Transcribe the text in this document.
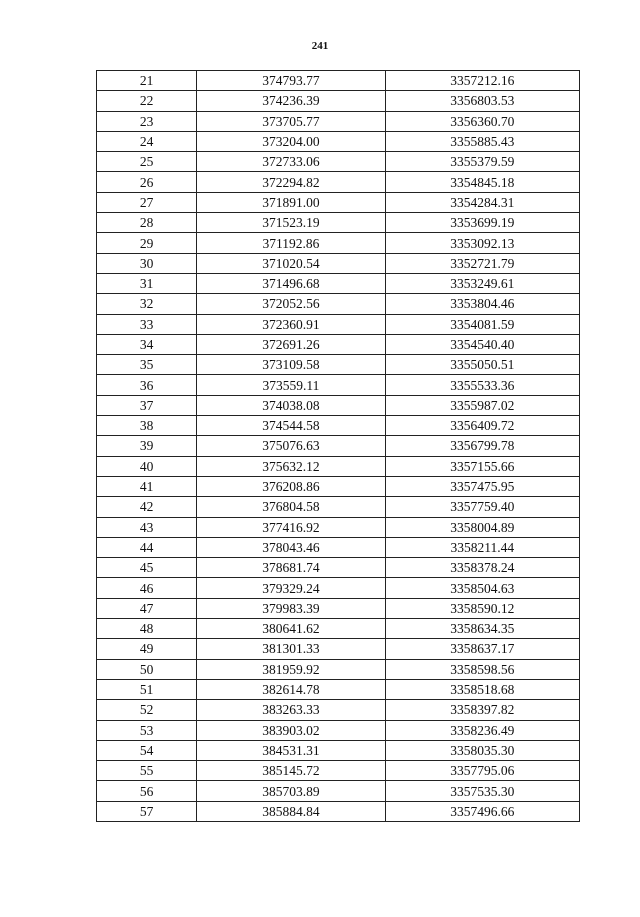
241
21	374793.77	3357212.16
22	374236.39	3356803.53
23	373705.77	3356360.70
24	373204.00	3355885.43
25	372733.06	3355379.59
26	372294.82	3354845.18
27	371891.00	3354284.31
28	371523.19	3353699.19
29	371192.86	3353092.13
30	371020.54	3352721.79
31	371496.68	3353249.61
32	372052.56	3353804.46
33	372360.91	3354081.59
34	372691.26	3354540.40
35	373109.58	3355050.51
36	373559.11	3355533.36
37	374038.08	3355987.02
38	374544.58	3356409.72
39	375076.63	3356799.78
40	375632.12	3357155.66
41	376208.86	3357475.95
42	376804.58	3357759.40
43	377416.92	3358004.89
44	378043.46	3358211.44
45	378681.74	3358378.24
46	379329.24	3358504.63
47	379983.39	3358590.12
48	380641.62	3358634.35
49	381301.33	3358637.17
50	381959.92	3358598.56
51	382614.78	3358518.68
52	383263.33	3358397.82
53	383903.02	3358236.49
54	384531.31	3358035.30
55	385145.72	3357795.06
56	385703.89	3357535.30
57	385884.84	3357496.66
